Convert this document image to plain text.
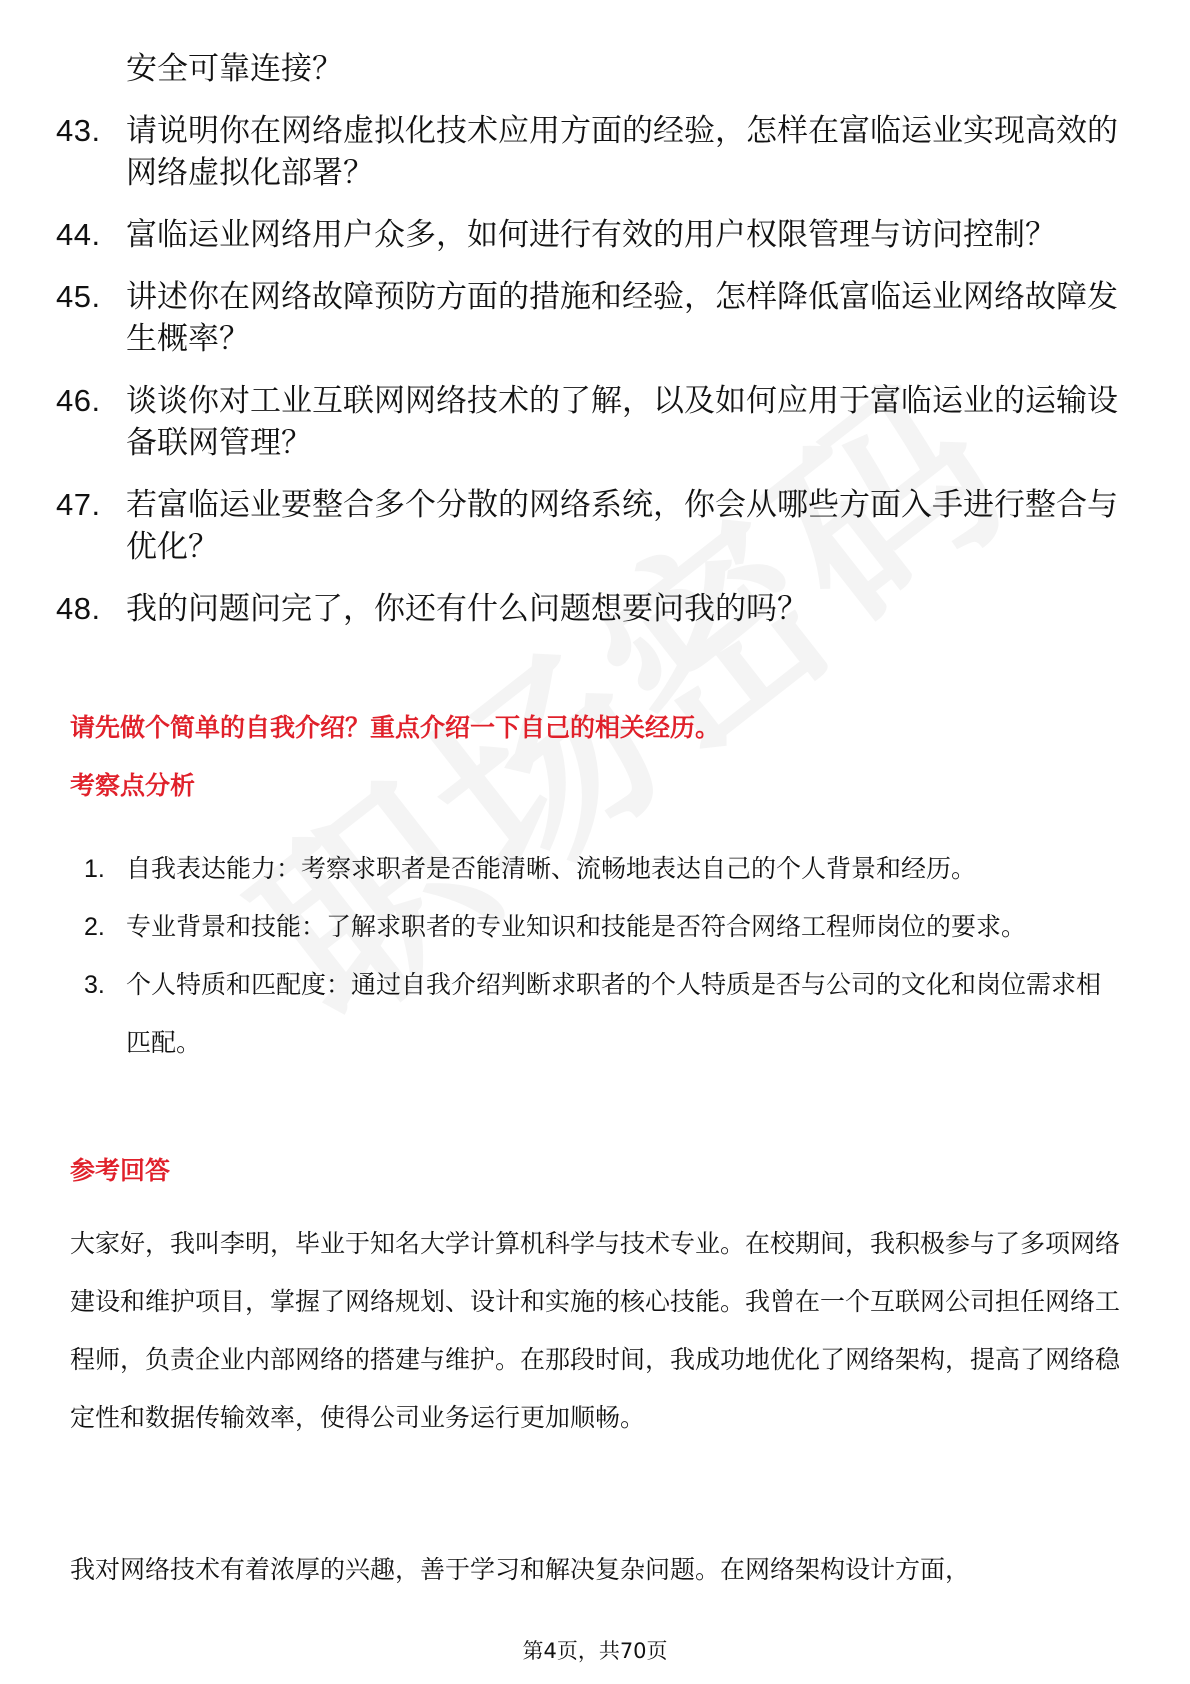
安全可靠连接？
43. 请说明你在网络虚拟化技术应用方面的经验，怎样在富临运业实现高效的网络虚拟化部署？
44. 富临运业网络用户众多，如何进行有效的用户权限管理与访问控制？
45. 讲述你在网络故障预防方面的措施和经验，怎样降低富临运业网络故障发生概率？
46. 谈谈你对工业互联网网络技术的了解，以及如何应用于富临运业的运输设备联网管理？
47. 若富临运业要整合多个分散的网络系统，你会从哪些方面入手进行整合与优化？
48. 我的问题问完了，你还有什么问题想要问我的吗？
请先做个简单的自我介绍？重点介绍一下自己的相关经历。
考察点分析
1. 自我表达能力：考察求职者是否能清晰、流畅地表达自己的个人背景和经历。
2. 专业背景和技能：了解求职者的专业知识和技能是否符合网络工程师岗位的要求。
3. 个人特质和匹配度：通过自我介绍判断求职者的个人特质是否与公司的文化和岗位需求相匹配。
参考回答
大家好，我叫李明，毕业于知名大学计算机科学与技术专业。在校期间，我积极参与了多项网络建设和维护项目，掌握了网络规划、设计和实施的核心技能。我曾在一个互联网公司担任网络工程师，负责企业内部网络的搭建与维护。在那段时间，我成功地优化了网络架构，提高了网络稳定性和数据传输效率，使得公司业务运行更加顺畅。
我对网络技术有着浓厚的兴趣，善于学习和解决复杂问题。在网络架构设计方面，
第4页，共70页
